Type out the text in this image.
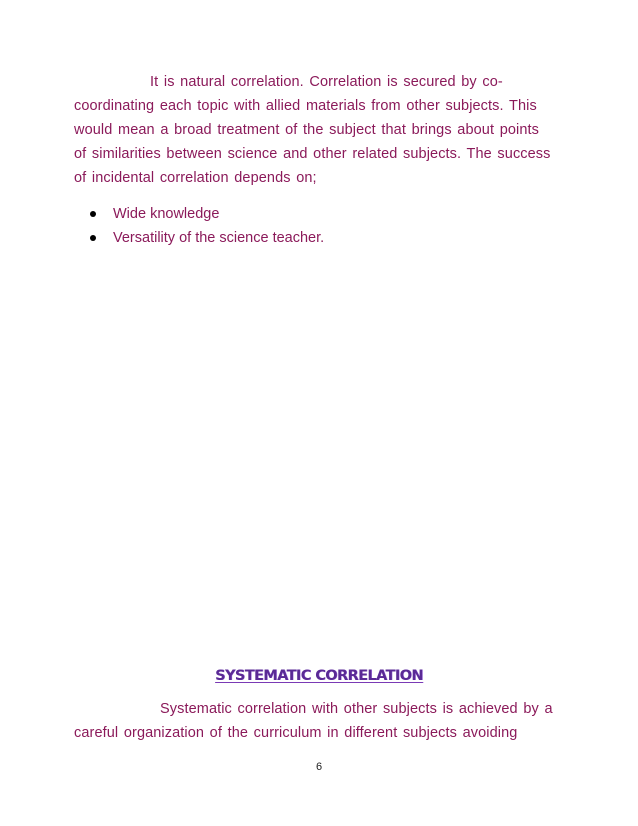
It is natural correlation. Correlation is secured by co-
coordinating each topic with allied materials from other subjects. This
would mean a broad treatment of the subject that brings about points
of similarities between science and other related subjects. The success
of incidental correlation depends on;
Wide knowledge
Versatility of the science teacher.
SYSTEMATIC CORRELATION
Systematic correlation with other subjects is achieved by a
careful organization of the curriculum in different subjects avoiding
6
